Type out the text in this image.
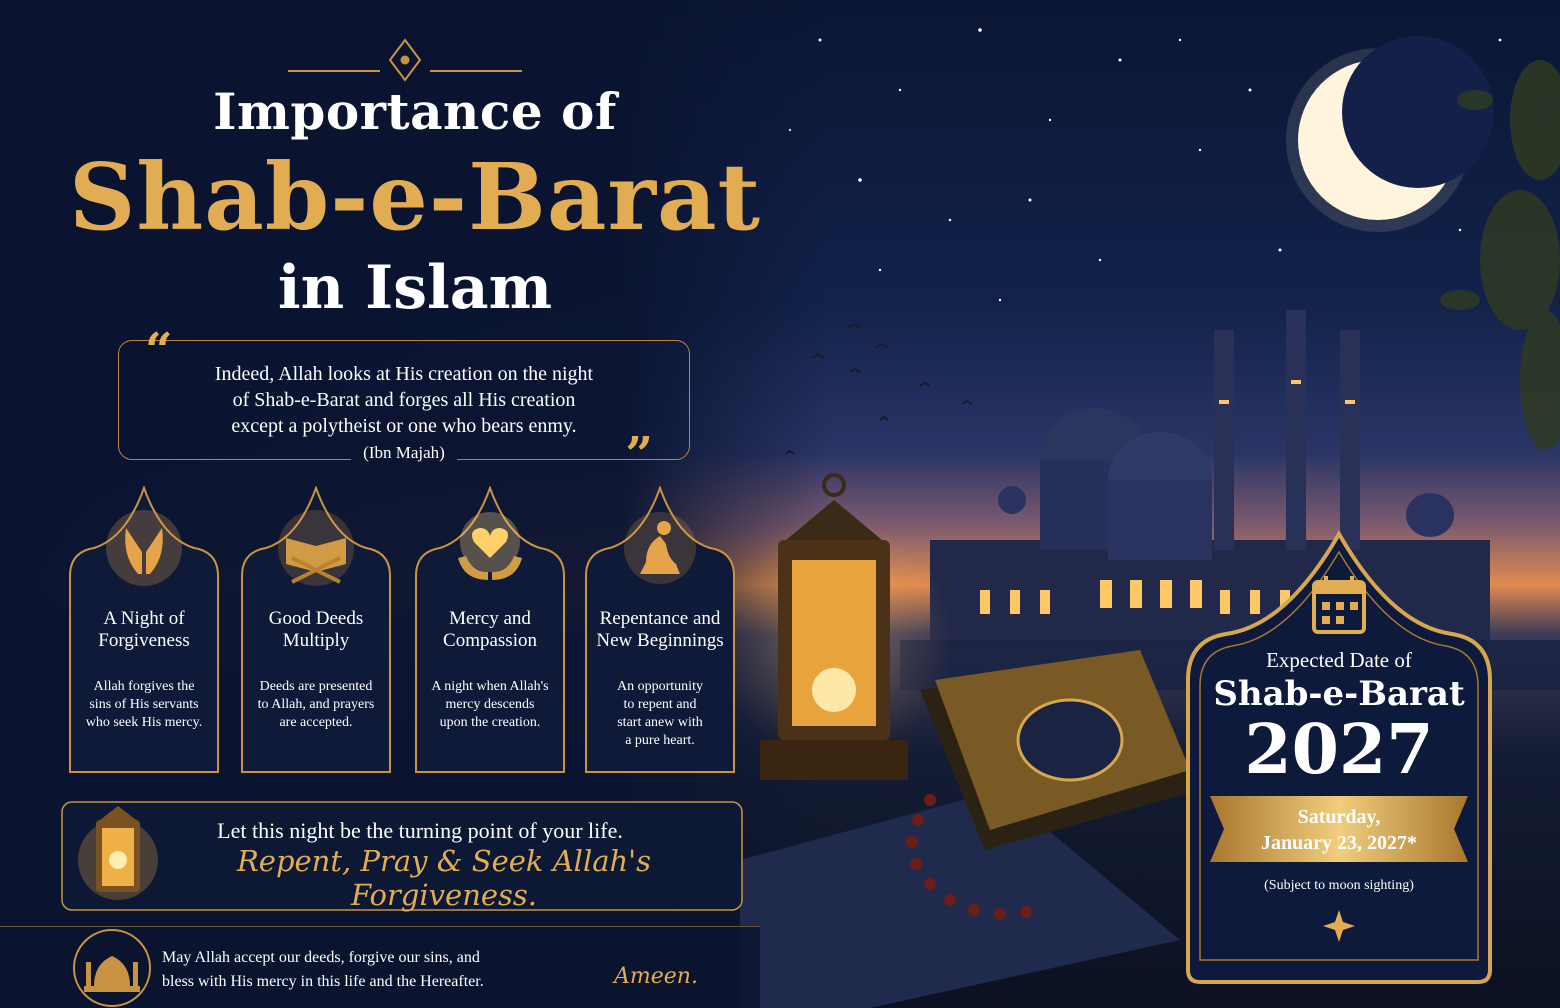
Importance of
Shab-e-Barat
in Islam
“	Indeed, Allah looks at His creation on the night
of Shab-e-Barat and forges all His creation
except a polytheist or one who bears enmy.
(Ibn Majah)	”
A Night of
Forgiveness
Allah forgives the
sins of His servants
who seek His mercy.
Good Deeds
Multiply
Deeds are presented
to Allah, and prayers
are accepted.
Mercy and
Compassion
A night when Allah's
mercy descends
upon the creation.
Repentance and
New Beginnings
An opportunity
to repent and
start anew with
a pure heart.
Let this night be the turning point of your life.
Repent, Pray & Seek Allah's Forgiveness.
May Allah accept our deeds, forgive our sins, and
bless with His mercy in this life and the Hereafter.	Ameen.
Expected Date of
Shab-e-Barat
2027
Saturday,
January 23, 2027*
(Subject to moon sighting)
